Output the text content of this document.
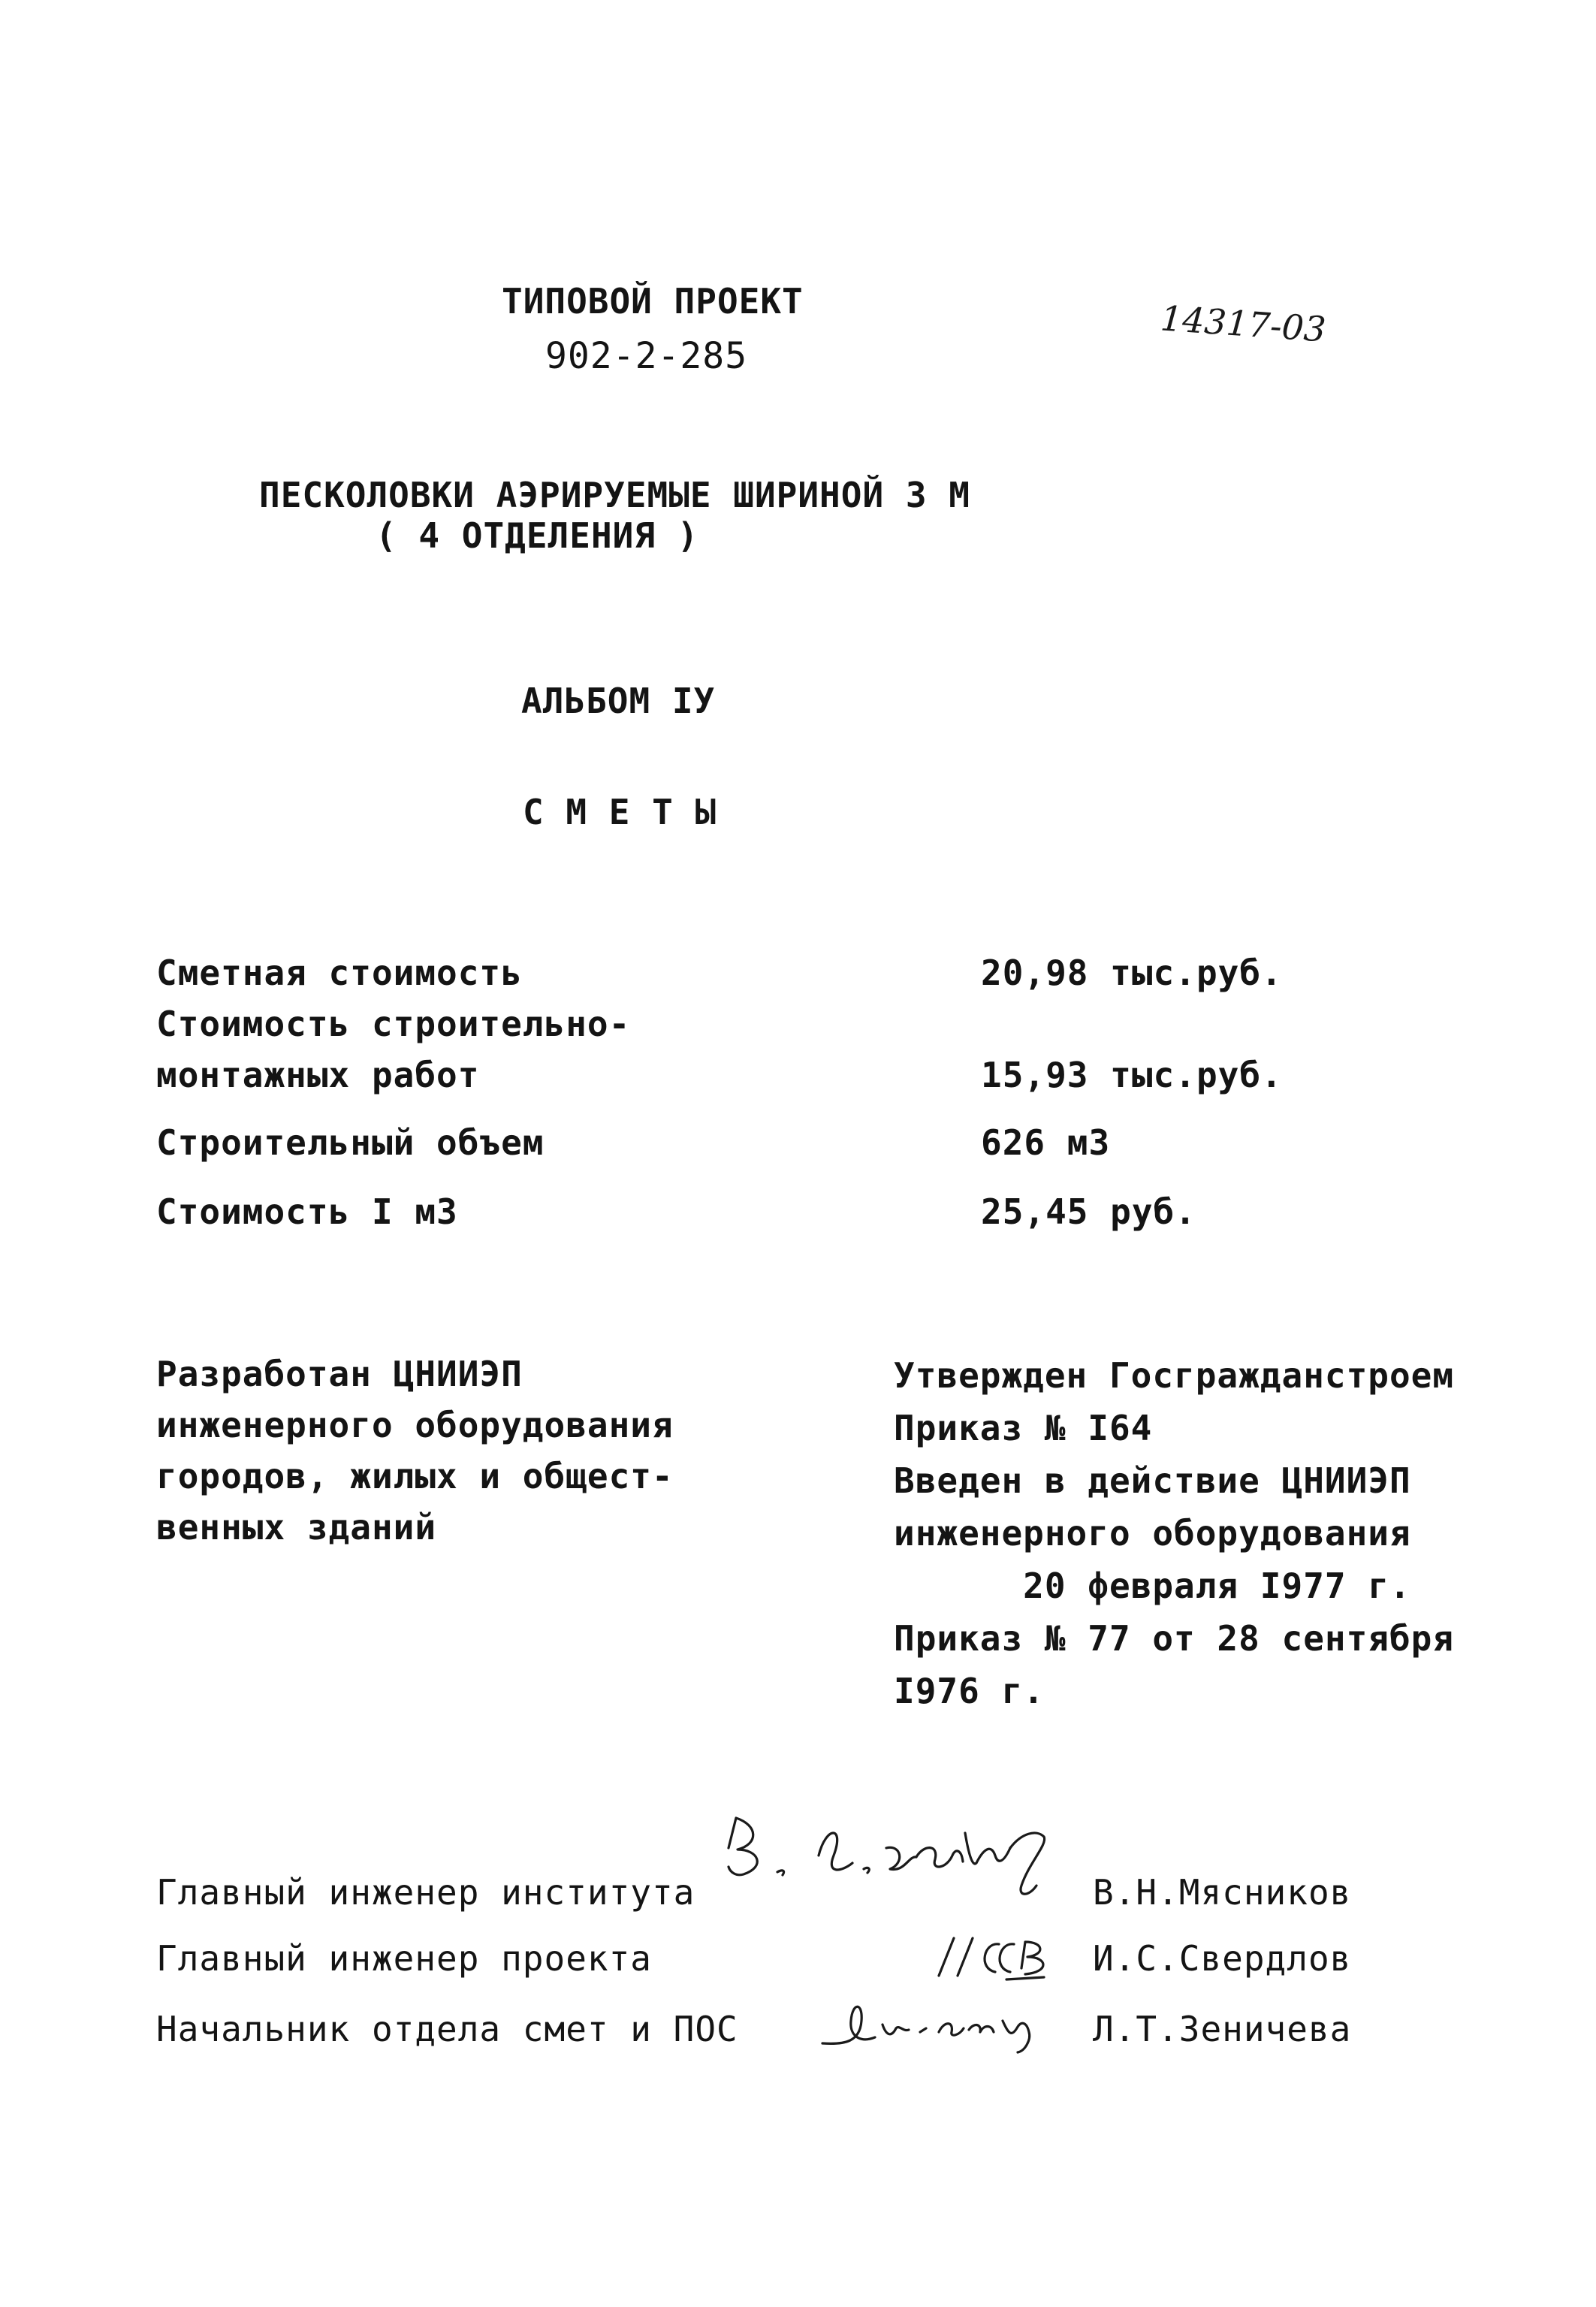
ТИПОВОЙ ПРОЕКТ
902-2-285
14317-03
ПЕСКОЛОВКИ АЭРИРУЕМЫЕ ШИРИНОЙ 3 М
( 4 ОТДЕЛЕНИЯ )
АЛЬБОМ IУ
С М Е Т Ы
Сметная стоимость	20,98 тыс.руб.
Стоимость строительно-
монтажных работ	15,93 тыс.руб.
Строительный объем	626 м3
Стоимость I м3	25,45 руб.
Разработан ЦНИИЭП
инженерного оборудования
городов, жилых и общест-
венных зданий
Утвержден Госгражданстроем
Приказ № I64
Введен в действие ЦНИИЭП
инженерного оборудования
20 февраля I977 г.
Приказ № 77 от 28 сентября
I976 г.
Главный инженер института	В.Н.Мясников
Главный инженер проекта	И.С.Свердлов
Начальник отдела смет и ПОС	Л.Т.Зеничева
